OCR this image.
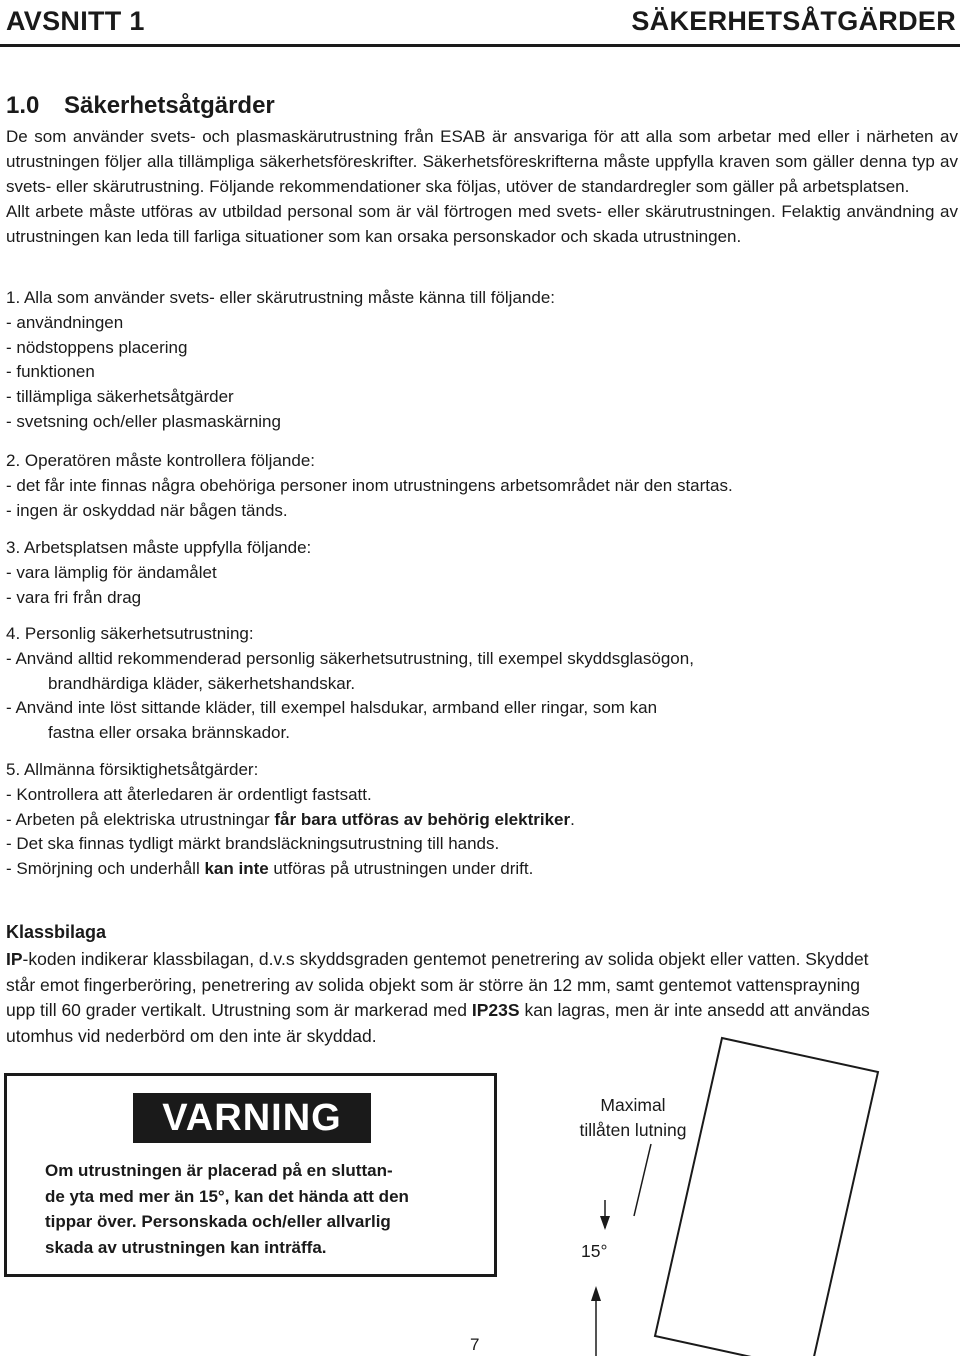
AVSNITT 1	SÄKERHETSÅTGÄRDER
1.0 Säkerhetsåtgärder

De som använder svets- och plasmaskärutrustning från ESAB är ansvariga för att alla som arbetar med eller i närheten av utrustningen följer alla tillämpliga säkerhetsföreskrifter. Säkerhetsföreskrifterna måste uppfylla kraven som gäller denna typ av svets- eller skärutrustning. Följande rekommendationer ska följas, utöver de standardregler som gäller på arbetsplatsen.

Allt arbete måste utföras av utbildad personal som är väl förtrogen med svets- eller skärutrustningen. Felaktig användning av utrustningen kan leda till farliga situationer som kan orsaka personskador och skada utrustningen.

1. Alla som använder svets- eller skärutrustning måste känna till följande:
- användningen
- nödstoppens placering
- funktionen
- tillämpliga säkerhetsåtgärder
- svetsning och/eller plasmaskärning
2. Operatören måste kontrollera följande:
- det får inte finnas några obehöriga personer inom utrustningens arbetsområdet när den startas.
- ingen är oskyddad när bågen tänds.
3. Arbetsplatsen måste uppfylla följande:
- vara lämplig för ändamålet
- vara fri från drag
4. Personlig säkerhetsutrustning:
- Använd alltid rekommenderad personlig säkerhetsutrustning, till exempel skyddsglasögon,
brandhärdiga kläder, säkerhetshandskar.
- Använd inte löst sittande kläder, till exempel halsdukar, armband eller ringar, som kan
fastna eller orsaka brännskador.
5. Allmänna försiktighetsåtgärder:
- Kontrollera att återledaren är ordentligt fastsatt.
- Arbeten på elektriska utrustningar får bara utföras av behörig elektriker.
- Det ska finnas tydligt märkt brandsläckningsutrustning till hands.
- Smörjning och underhåll kan inte utföras på utrustningen under drift.
Klassbilaga
IP-koden indikerar klassbilagan, d.v.s skyddsgraden gentemot penetrering av solida objekt eller vatten. Skyddet
står emot fingerberöring, penetrering av solida objekt som är större än 12 mm, samt gentemot vattensprayning
upp till 60 grader vertikalt. Utrustning som är markerad med IP23S kan lagras, men är inte ansedd att användas
utomhus vid nederbörd om den inte är skyddad.
VARNING
Om utrustningen är placerad på en sluttan-
de yta med mer än 15°, kan det hända att den
tippar över. Personskada och/eller allvarlig
skada av utrustningen kan inträffa.
Maximal
tillåten lutning
15°
7
